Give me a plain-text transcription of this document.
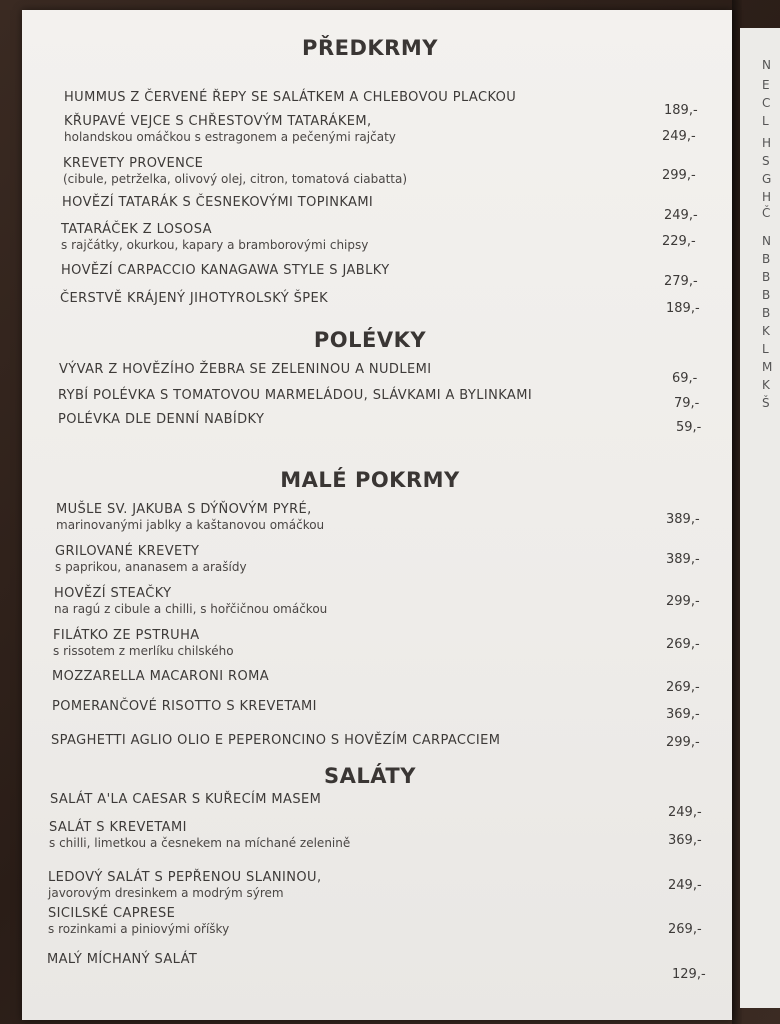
N
E
C
L
H
S
G
H
Č
N
B
B
B
B
K
L
M
K
Š
PŘEDKRMY
HUMMUS Z ČERVENÉ ŘEPY SE SALÁTKEM A CHLEBOVOU PLACKOU
189,-
KŘUPAVÉ VEJCE S CHŘESTOVÝM TATARÁKEM,
holandskou omáčkou s estragonem a pečenými rajčaty	249,-
KREVETY PROVENCE
(cibule, petrželka, olivový olej, citron, tomatová ciabatta)	299,-
HOVĚZÍ TATARÁK S ČESNEKOVÝMI TOPINKAMI
249,-
TATARÁČEK Z LOSOSA
s rajčátky, okurkou, kapary a bramborovými chipsy	229,-
HOVĚZÍ CARPACCIO KANAGAWA STYLE S JABLKY
279,-
ČERSTVĚ KRÁJENÝ JIHOTYROLSKÝ ŠPEK
189,-
POLÉVKY
VÝVAR Z HOVĚZÍHO ŽEBRA SE ZELENINOU A NUDLEMI
69,-
RYBÍ POLÉVKA S TOMATOVOU MARMELÁDOU, SLÁVKAMI A BYLINKAMI
79,-
POLÉVKA DLE DENNÍ NABÍDKY
59,-
MALÉ POKRMY
MUŠLE SV. JAKUBA S DÝŇOVÝM PYRÉ,
marinovanými jablky a kaštanovou omáčkou	389,-
GRILOVANÉ KREVETY
s paprikou, ananasem a arašídy	389,-
HOVĚZÍ STEAČKY
na ragú z cibule a chilli, s hořčičnou omáčkou	299,-
FILÁTKO ZE PSTRUHA
s rissotem z merlíku chilského	269,-
MOZZARELLA MACARONI ROMA
269,-
POMERANČOVÉ RISOTTO S KREVETAMI
369,-
SPAGHETTI AGLIO OLIO E PEPERONCINO S HOVĚZÍM CARPACCIEM	299,-
SALÁTY
SALÁT A'LA CAESAR S KUŘECÍM MASEM
249,-
SALÁT S KREVETAMI
s chilli, limetkou a česnekem na míchané zelenině	369,-
LEDOVÝ SALÁT S PEPŘENOU SLANINOU,
javorovým dresinkem a modrým sýrem	249,-
SICILSKÉ CAPRESE
s rozinkami a piniovými oříšky	269,-
MALÝ MÍCHANÝ SALÁT
129,-
